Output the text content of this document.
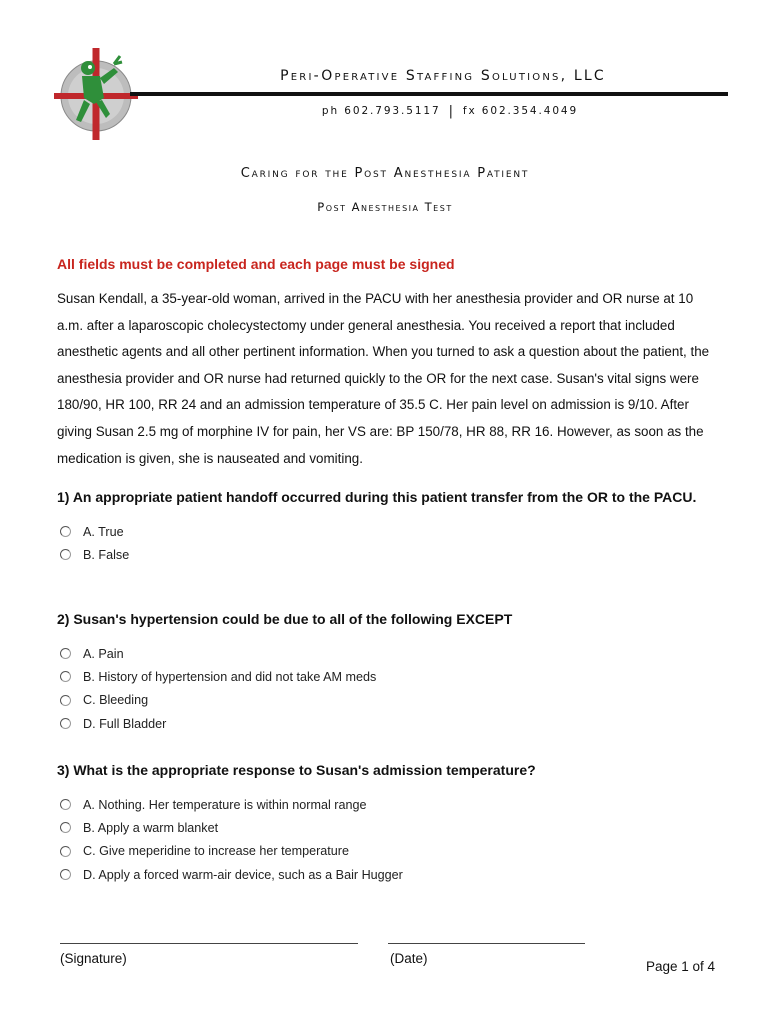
Peri-Operative Staffing Solutions, LLC
ph 602.793.5117 | fx 602.354.4049
Caring for the Post Anesthesia Patient
Post Anesthesia Test
All fields must be completed and each page must be signed

Susan Kendall, a 35-year-old woman, arrived in the PACU with her anesthesia provider and OR nurse at 10 a.m. after a laparoscopic cholecystectomy under general anesthesia. You received a report that included anesthetic agents and all other pertinent information. When you turned to ask a question about the patient, the anesthesia provider and OR nurse had returned quickly to the OR for the next case. Susan's vital signs were 180/90, HR 100, RR 24 and an admission temperature of 35.5 C. Her pain level on admission is 9/10. After giving Susan 2.5 mg of morphine IV for pain, her VS are: BP 150/78, HR 88, RR 16. However, as soon as the medication is given, she is nauseated and vomiting.

1) An appropriate patient handoff occurred during this patient transfer from the OR to the PACU.
A. True
B. False
2) Susan's hypertension could be due to all of the following EXCEPT
A. Pain
B. History of hypertension and did not take AM meds
C. Bleeding
D. Full Bladder
3) What is the appropriate response to Susan's admission temperature?
A. Nothing. Her temperature is within normal range
B. Apply a warm blanket
C. Give meperidine to increase her temperature
D. Apply a forced warm-air device, such as a Bair Hugger
(Signature)	(Date)
Page 1 of 4
